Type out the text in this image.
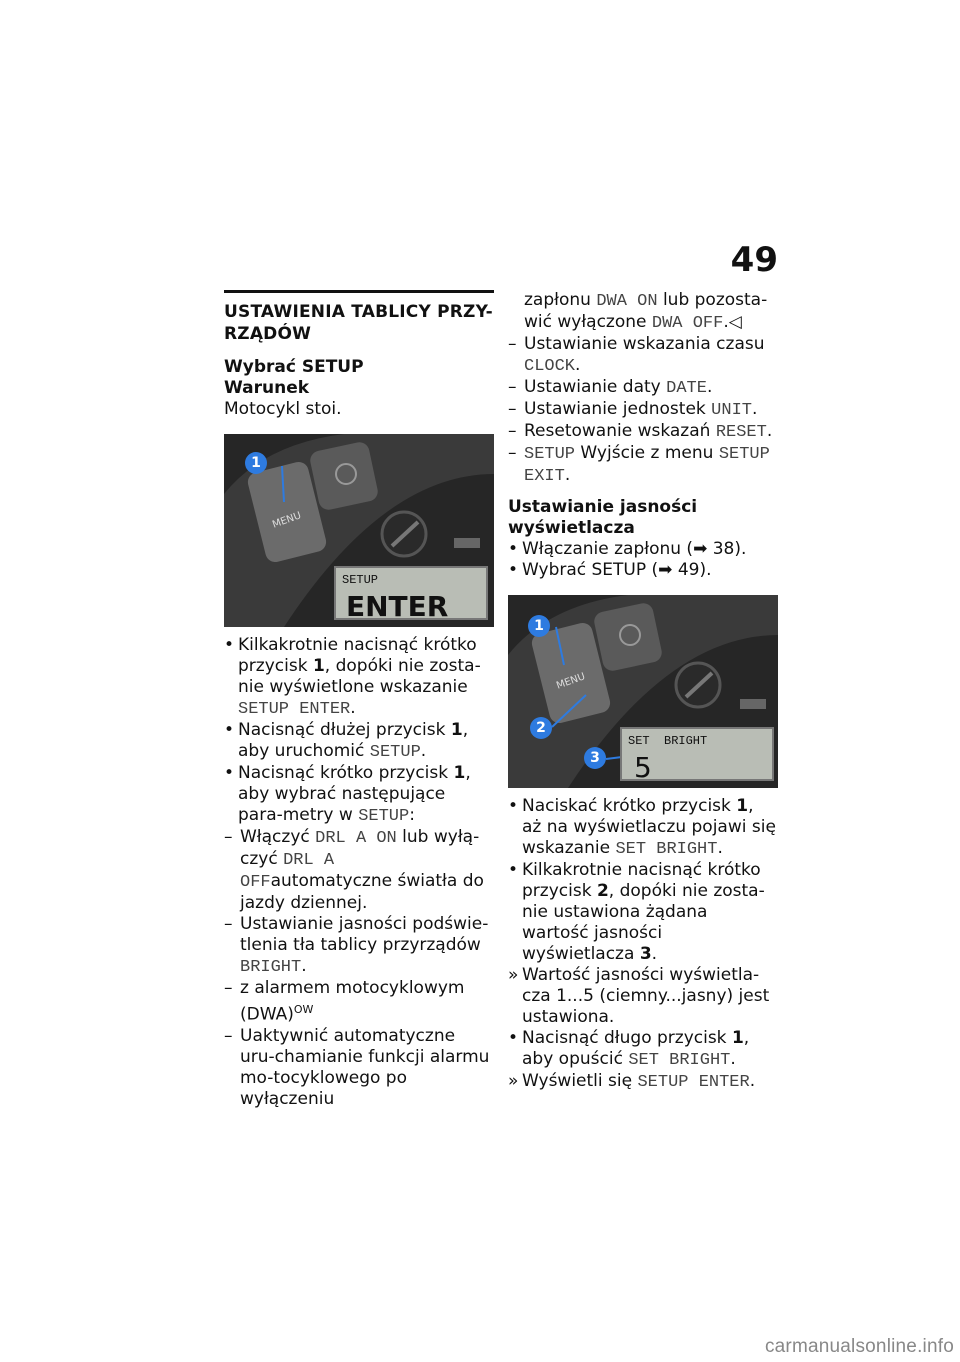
49
USTAWIENIA TABLICY PRZY-RZĄDÓW
Wybrać SETUP
Warunek

Motocykl stoi.

1
MENU
SETUP
ENTER

• Kilkakrotnie nacisnąć krótko przycisk 1, dopóki nie zosta-nie wyświetlone wskazanie SETUP ENTER.

• Nacisnąć dłużej przycisk 1, aby uruchomić SETUP.

• Nacisnąć krótko przycisk 1, aby wybrać następujące para-metry w SETUP:

– Włączyć DRL A ON lub wyłą-czyć DRL A OFFautomatyczne światła do jazdy dziennej.

– Ustawianie jasności podświe-tlenia tła tablicy przyrządów BRIGHT.

– z alarmem motocyklowym (DWA)$^{OW}$

– Uaktywnić automatyczne uru-chamianie funkcji alarmu mo-tocyklowego po wyłączeniu

zapłonu DWA ON lub pozosta-wić wyłączone DWA OFF.◁

– Ustawianie wskazania czasu CLOCK.

– Ustawianie daty DATE.

– Ustawianie jednostek UNIT.

– Resetowanie wskazań RESET.

– SETUP Wyjście z menu SETUP EXIT.

Ustawianie jasności wyświetlacza

• Włączanie zapłonu (➡ 38).

• Wybrać SETUP (➡ 49).

1
2
3
MENU
SET  BRIGHT
5

• Naciskać krótko przycisk 1, aż na wyświetlaczu pojawi się wskazanie SET BRIGHT.

• Kilkakrotnie nacisnąć krótko przycisk 2, dopóki nie zosta-nie ustawiona żądana wartość jasności wyświetlacza 3.

» Wartość jasności wyświetla-cza 1...5 (ciemny...jasny) jest ustawiona.

• Nacisnąć długo przycisk 1, aby opuścić SET BRIGHT.

» Wyświetli się SETUP ENTER.

carmanualsonline.info
